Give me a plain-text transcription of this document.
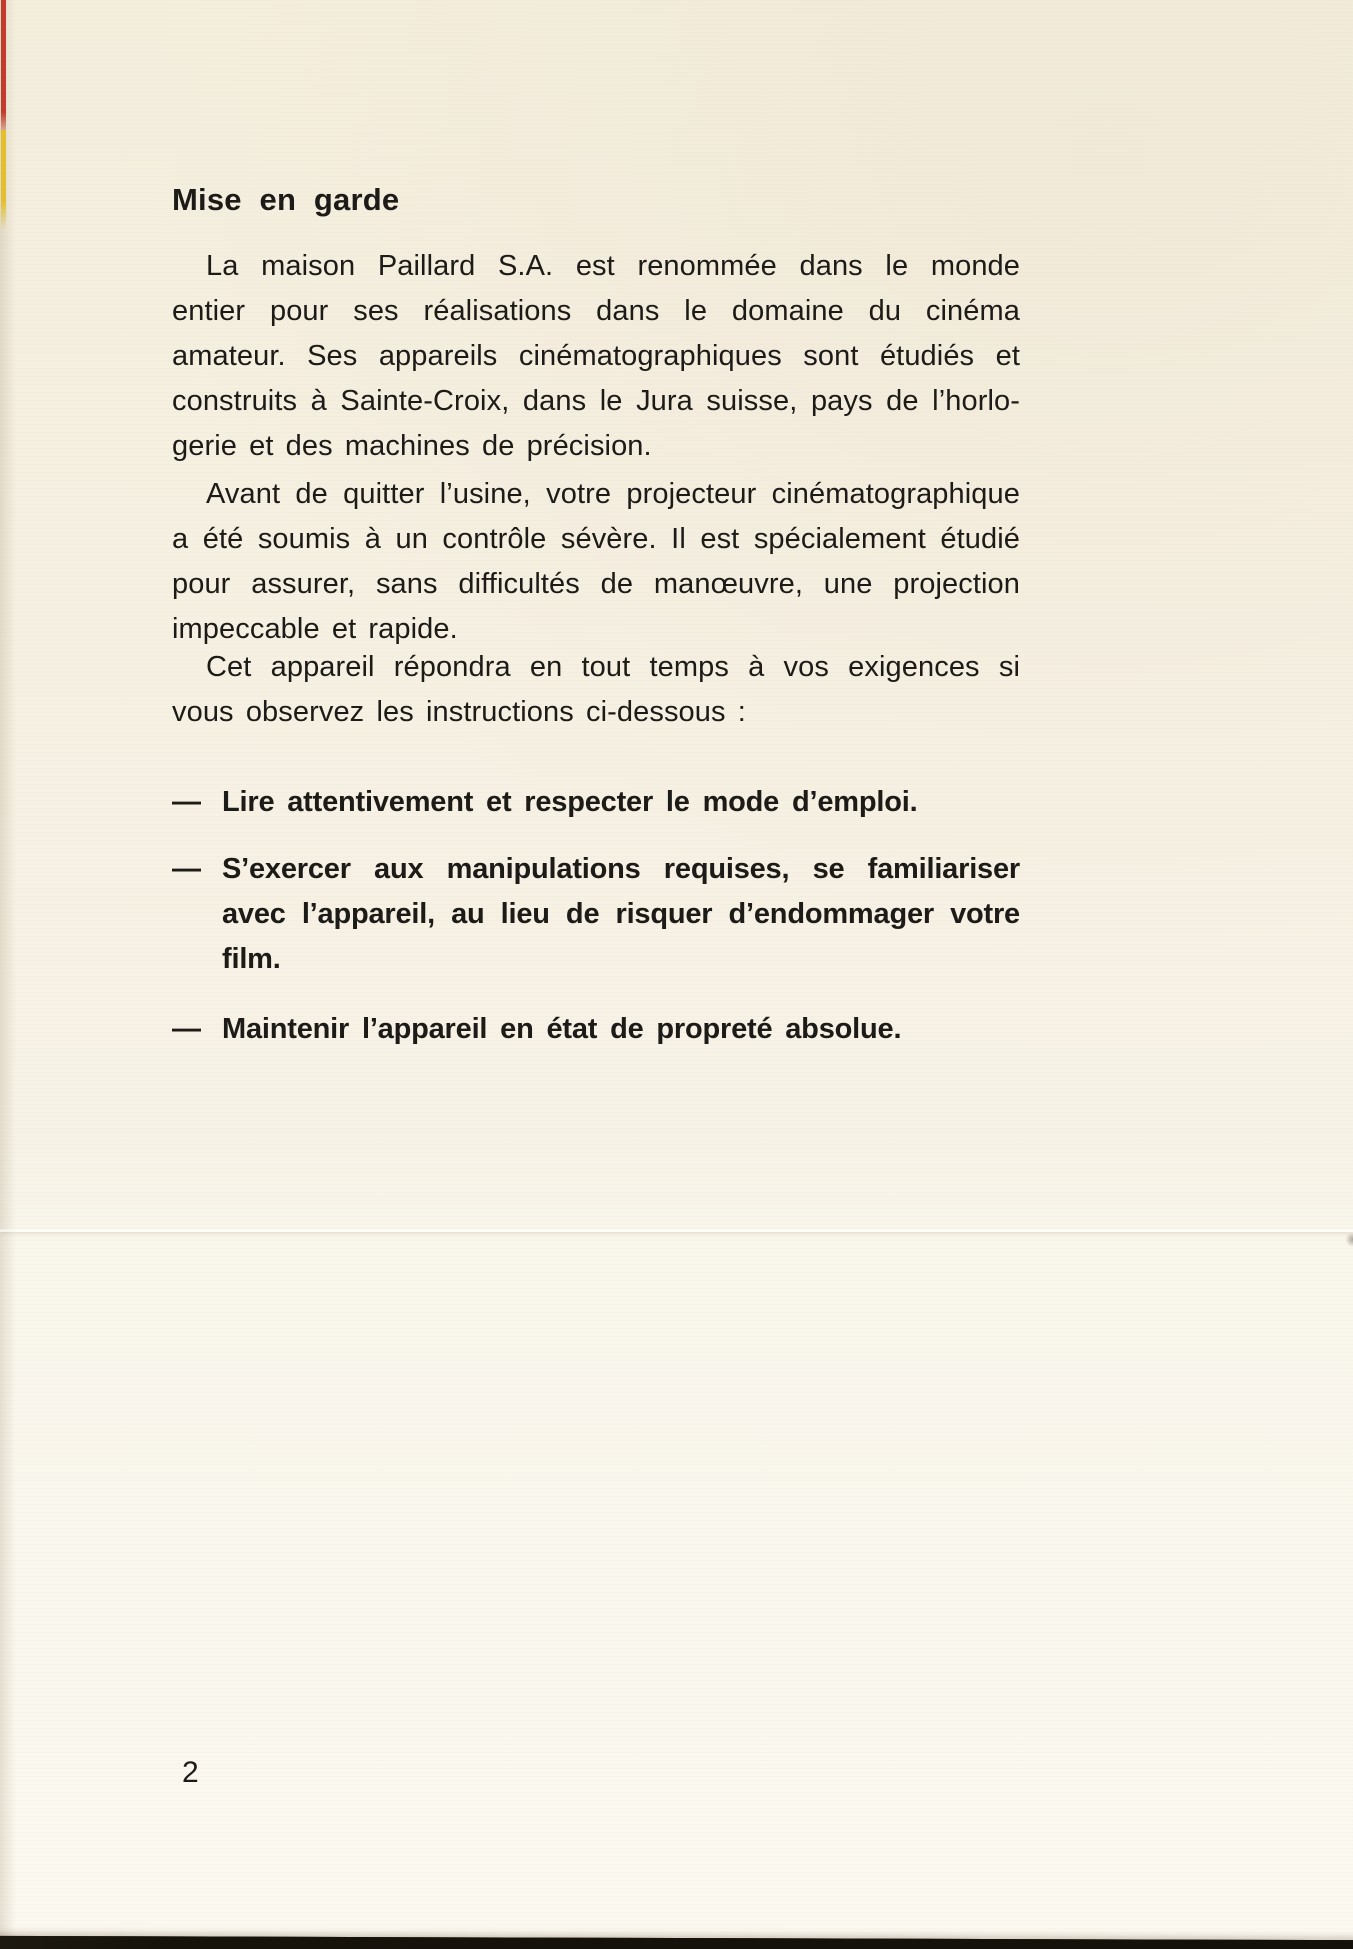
Mise en garde
La maison Paillard S.A. est renommée dans le monde
entier pour ses réalisations dans le domaine du cinéma
amateur. Ses appareils cinématographiques sont étudiés et
construits à Sainte-Croix, dans le Jura suisse, pays de l’horlo-
gerie et des machines de précision.
Avant de quitter l’usine, votre projecteur cinématographique
a été soumis à un contrôle sévère. Il est spécialement étudié
pour assurer, sans difficultés de manœuvre, une projection
impeccable et rapide.
Cet appareil répondra en tout temps à vos exigences si
vous observez les instructions ci-dessous :
— Lire attentivement et respecter le mode d’emploi.
— S’exercer aux manipulations requises, se familiariser
avec l’appareil, au lieu de risquer d’endommager votre
film.
— Maintenir l’appareil en état de propreté absolue.
2
